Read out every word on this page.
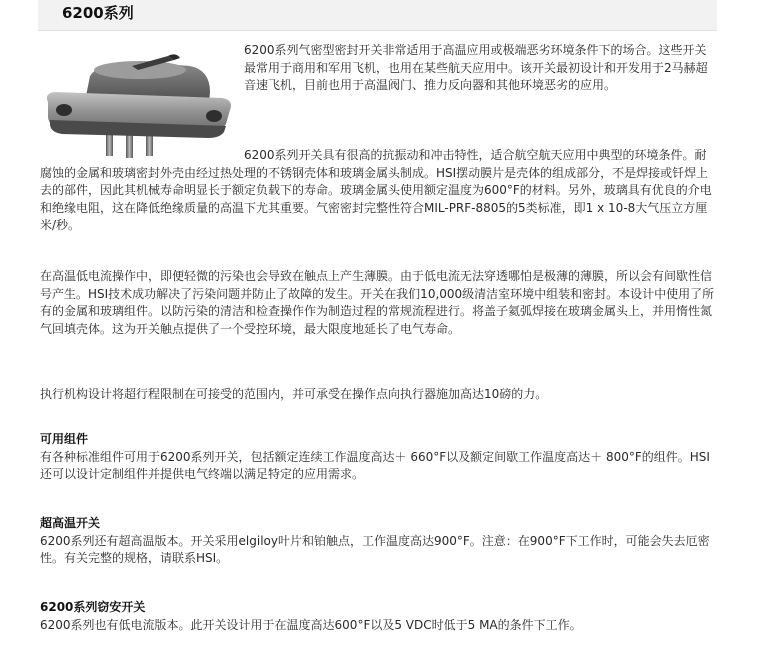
6200系列

6200系列气密型密封开关非常适用于高温应用或极端恶劣环境条件下的场合。这些开关最常用于商用和军用飞机，也用在某些航天应用中。该开关最初设计和开发用于2马赫超音速飞机，目前也用于高温阀门、推力反向器和其他环境恶劣的应用。

6200系列开关具有很高的抗振动和冲击特性，适合航空航天应用中典型的环境条件。耐腐蚀的金属和玻璃密封外壳由经过热处理的不锈钢壳体和玻璃金属头制成。HSI摆动膜片是壳体的组成部分，不是焊接或钎焊上去的部件，因此其机械寿命明显长于额定负载下的寿命。玻璃金属头使用额定温度为600°F的材料。另外，玻璃具有优良的介电和绝缘电阻，这在降低绝缘质量的高温下尤其重要。气密密封完整性符合MIL-PRF-8805的5类标准，即1 x 10-8大气压立方厘米/秒。

在高温低电流操作中，即便轻微的污染也会导致在触点上产生薄膜。由于低电流无法穿透哪怕是极薄的薄膜，所以会有间歇性信号产生。HSI技术成功解决了污染问题并防止了故障的发生。开关在我们10,000级清洁室环境中组装和密封。本设计中使用了所有的金属和玻璃组件。以防污染的清洁和检查操作作为制造过程的常规流程进行。将盖子氦弧焊接在玻璃金属头上，并用惰性氮气回填壳体。这为开关触点提供了一个受控环境，最大限度地延长了电气寿命。

执行机构设计将超行程限制在可接受的范围内，并可承受在操作点向执行器施加高达10磅的力。

可用组件

有各种标准组件可用于6200系列开关，包括额定连续工作温度高达＋ 660°F以及额定间歇工作温度高达＋ 800°F的组件。HSI还可以设计定制组件并提供电气终端以满足特定的应用需求。

超高温开关

6200系列还有超高温版本。开关采用elgiloy叶片和铂触点，工作温度高达900°F。注意：在900°F下工作时，可能会失去厄密性。有关完整的规格，请联系HSI。

6200系列窃安开关

6200系列也有低电流版本。此开关设计用于在温度高达600°F以及5 VDC时低于5 MA的条件下工作。
